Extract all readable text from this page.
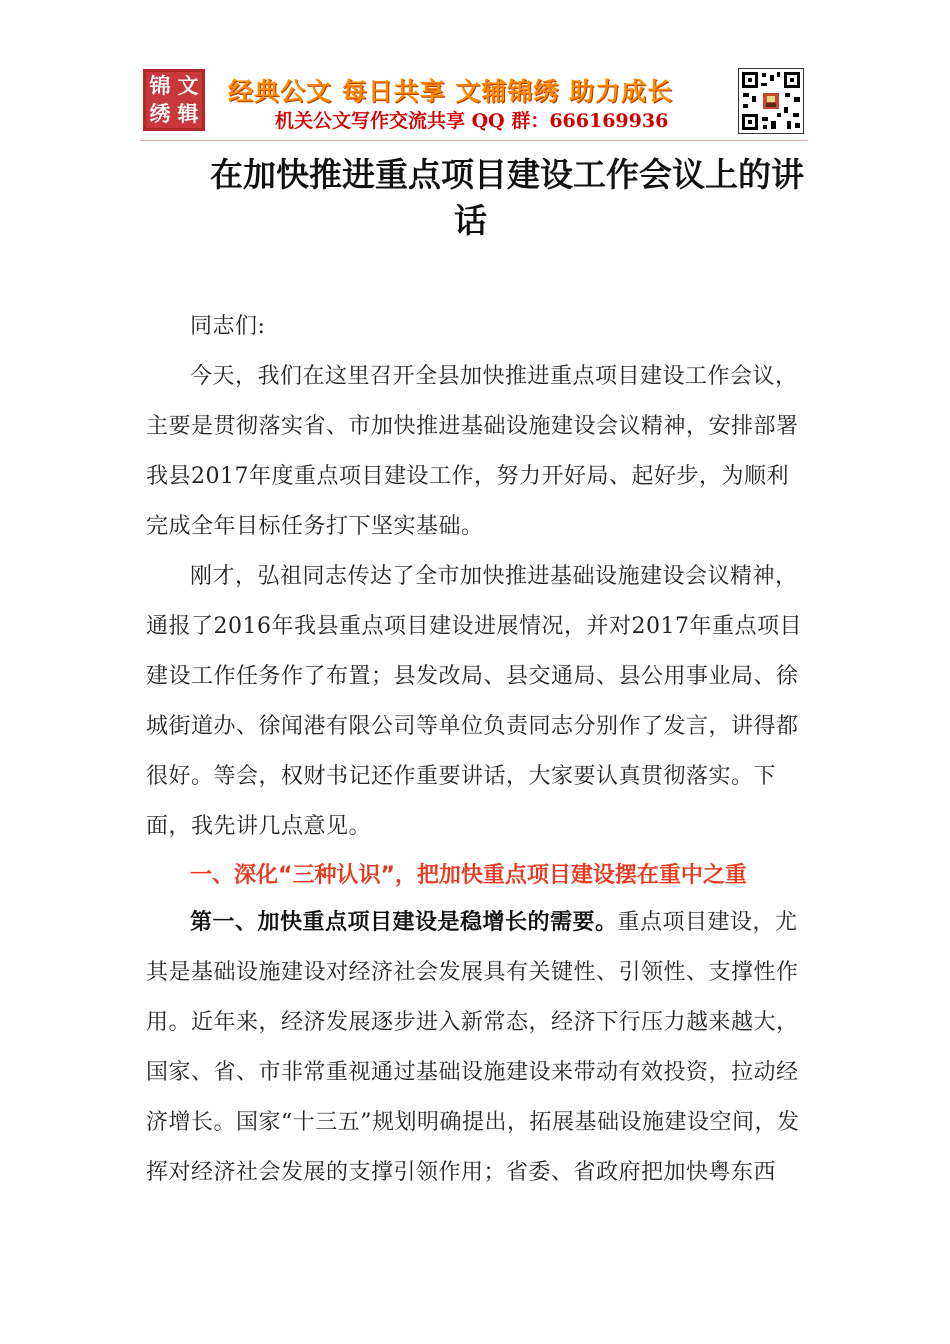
锦 文
绣 辑
经典公文 每日共享 文辅锦绣 助力成长
机关公文写作交流共享 QQ 群：666169936
在加快推进重点项目建设工作会议上的讲
话
同志们:
今天，我们在这里召开全县加快推进重点项目建设工作会议，主要是贯彻落实省、市加快推进基础设施建设会议精神，安排部署我县2017年度重点项目建设工作，努力开好局、起好步，为顺利完成全年目标任务打下坚实基础。
刚才，弘祖同志传达了全市加快推进基础设施建设会议精神，通报了2016年我县重点项目建设进展情况，并对2017年重点项目建设工作任务作了布置；县发改局、县交通局、县公用事业局、徐城街道办、徐闻港有限公司等单位负责同志分别作了发言，讲得都很好。等会，权财书记还作重要讲话，大家要认真贯彻落实。下面，我先讲几点意见。
一、深化“三种认识”，把加快重点项目建设摆在重中之重
第一、加快重点项目建设是稳增长的需要。重点项目建设，尤其是基础设施建设对经济社会发展具有关键性、引领性、支撑性作用。近年来，经济发展逐步进入新常态，经济下行压力越来越大，国家、省、市非常重视通过基础设施建设来带动有效投资，拉动经济增长。国家“十三五”规划明确提出，拓展基础设施建设空间，发挥对经济社会发展的支撑引领作用；省委、省政府把加快粤东西
